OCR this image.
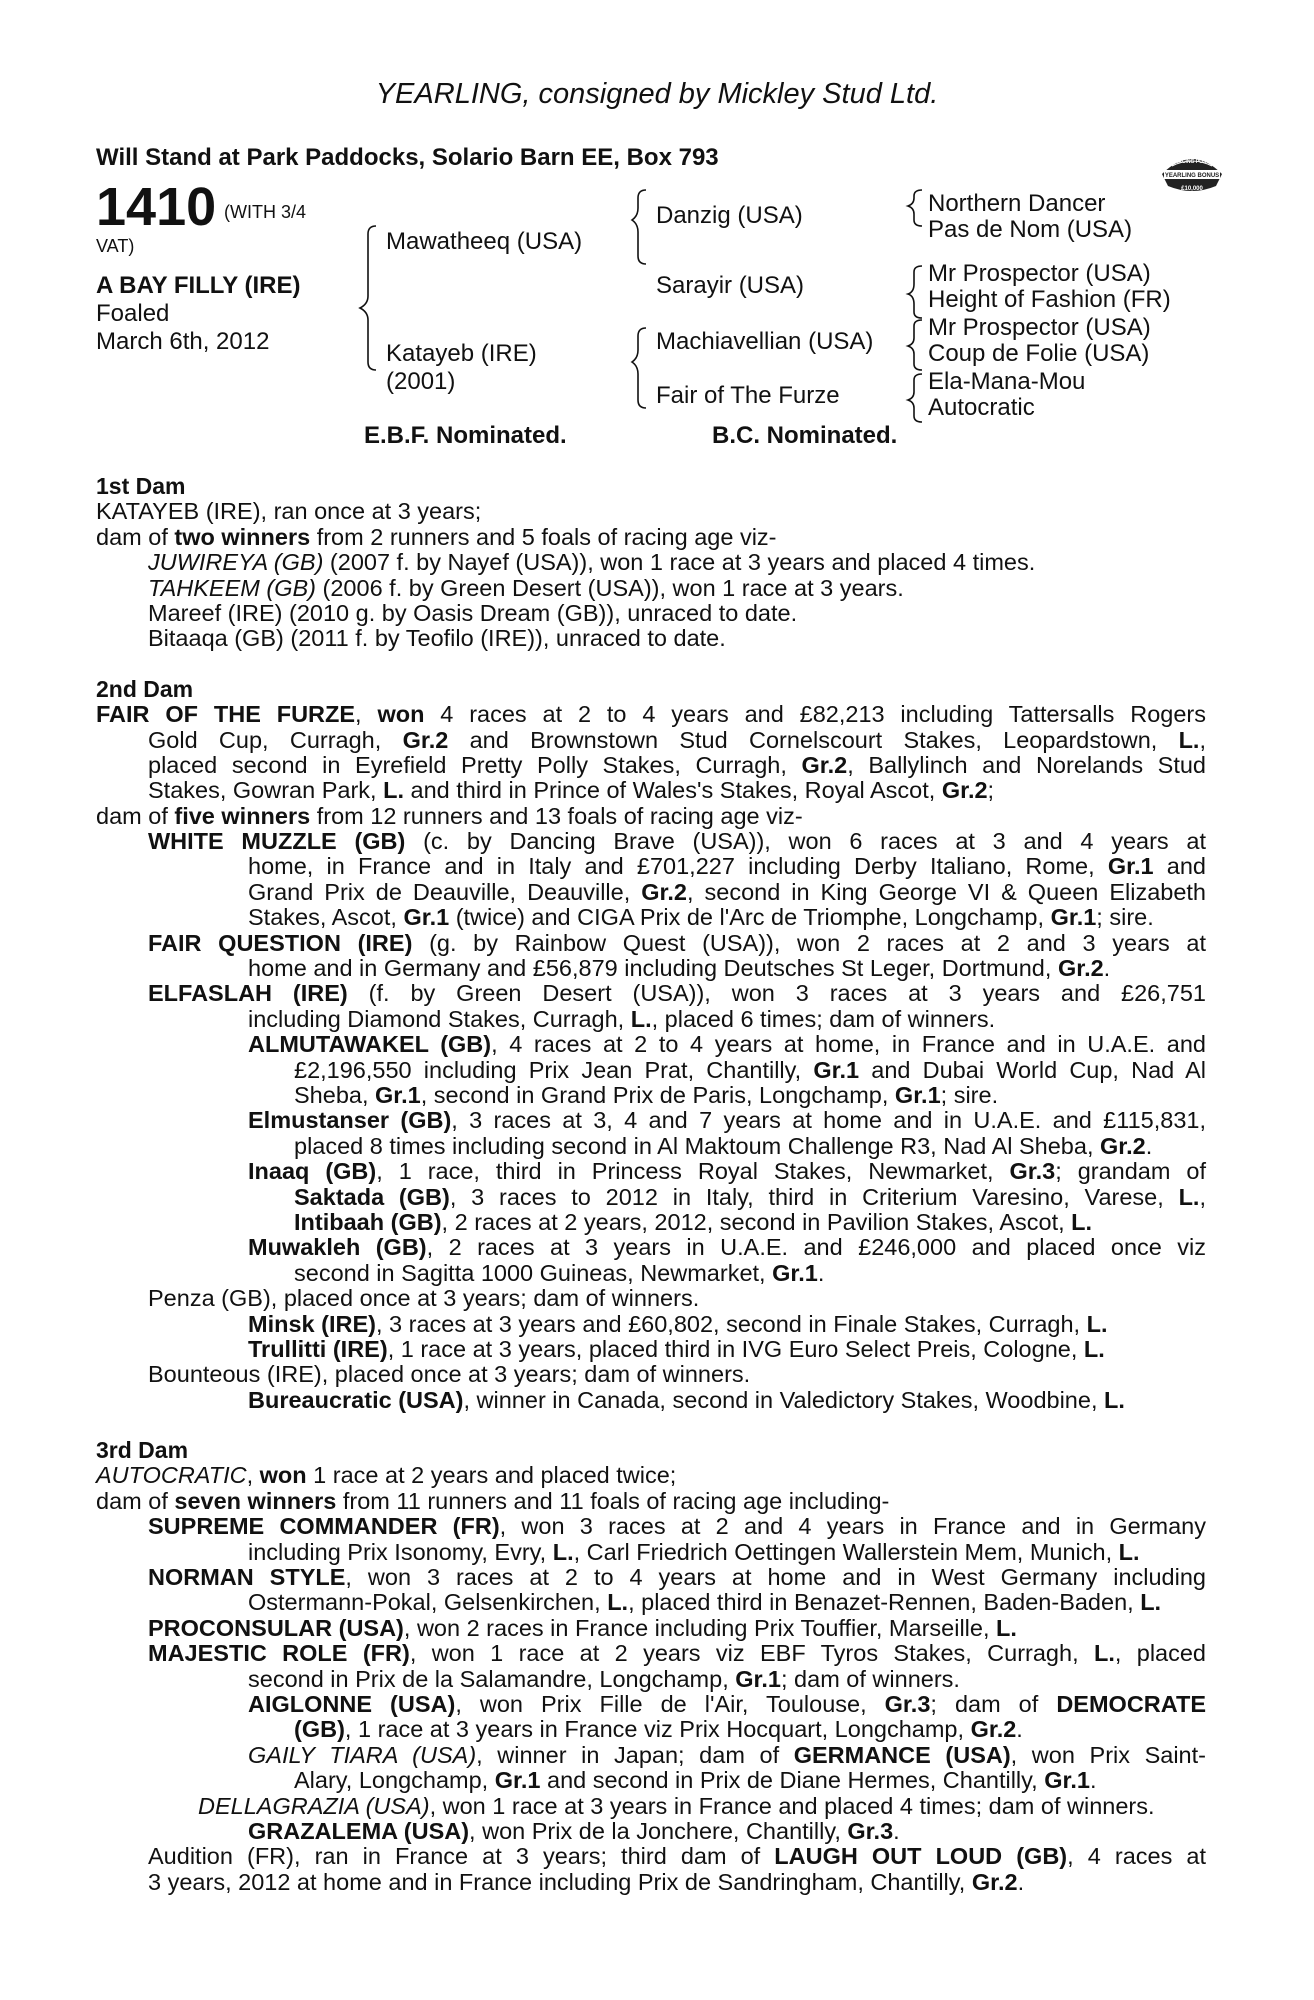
YEARLING, consigned by Mickley Stud Ltd.
Will Stand at Park Paddocks, Solario Barn EE, Box 793	RACING POST
YEARLING BONUS
£10,000
1410 (WITH 3/4
VAT)
A BAY FILLY (IRE)
Foaled
March 6th, 2012
Mawatheeq (USA)
Katayeb (IRE)
(2001)
Danzig (USA)
Sarayir (USA)
Machiavellian (USA)
Fair of The Furze
Northern Dancer
Pas de Nom (USA)
Mr Prospector (USA)
Height of Fashion (FR)
Mr Prospector (USA)
Coup de Folie (USA)
Ela-Mana-Mou
Autocratic
E.B.F. Nominated.	B.C. Nominated.
1st Dam
KATAYEB (IRE), ran once at 3 years;
dam of two winners from 2 runners and 5 foals of racing age viz-
JUWIREYA (GB) (2007 f. by Nayef (USA)), won 1 race at 3 years and placed 4 times.
TAHKEEM (GB) (2006 f. by Green Desert (USA)), won 1 race at 3 years.
Mareef (IRE) (2010 g. by Oasis Dream (GB)), unraced to date.
Bitaaqa (GB) (2011 f. by Teofilo (IRE)), unraced to date.
2nd Dam
FAIR OF THE FURZE, won 4 races at 2 to 4 years and £82,213 including Tattersalls Rogers
Gold Cup, Curragh, Gr.2 and Brownstown Stud Cornelscourt Stakes, Leopardstown, L.,
placed second in Eyrefield Pretty Polly Stakes, Curragh, Gr.2, Ballylinch and Norelands Stud
Stakes, Gowran Park, L. and third in Prince of Wales's Stakes, Royal Ascot, Gr.2;
dam of five winners from 12 runners and 13 foals of racing age viz-
WHITE MUZZLE (GB) (c. by Dancing Brave (USA)), won 6 races at 3 and 4 years at
home, in France and in Italy and £701,227 including Derby Italiano, Rome, Gr.1 and
Grand Prix de Deauville, Deauville, Gr.2, second in King George VI & Queen Elizabeth
Stakes, Ascot, Gr.1 (twice) and CIGA Prix de l'Arc de Triomphe, Longchamp, Gr.1; sire.
FAIR QUESTION (IRE) (g. by Rainbow Quest (USA)), won 2 races at 2 and 3 years at
home and in Germany and £56,879 including Deutsches St Leger, Dortmund, Gr.2.
ELFASLAH (IRE) (f. by Green Desert (USA)), won 3 races at 3 years and £26,751
including Diamond Stakes, Curragh, L., placed 6 times; dam of winners.
ALMUTAWAKEL (GB), 4 races at 2 to 4 years at home, in France and in U.A.E. and
£2,196,550 including Prix Jean Prat, Chantilly, Gr.1 and Dubai World Cup, Nad Al
Sheba, Gr.1, second in Grand Prix de Paris, Longchamp, Gr.1; sire.
Elmustanser (GB), 3 races at 3, 4 and 7 years at home and in U.A.E. and £115,831,
placed 8 times including second in Al Maktoum Challenge R3, Nad Al Sheba, Gr.2.
Inaaq (GB), 1 race, third in Princess Royal Stakes, Newmarket, Gr.3; grandam of
Saktada (GB), 3 races to 2012 in Italy, third in Criterium Varesino, Varese, L.,
Intibaah (GB), 2 races at 2 years, 2012, second in Pavilion Stakes, Ascot, L.
Muwakleh (GB), 2 races at 3 years in U.A.E. and £246,000 and placed once viz
second in Sagitta 1000 Guineas, Newmarket, Gr.1.
Penza (GB), placed once at 3 years; dam of winners.
Minsk (IRE), 3 races at 3 years and £60,802, second in Finale Stakes, Curragh, L.
Trullitti (IRE), 1 race at 3 years, placed third in IVG Euro Select Preis, Cologne, L.
Bounteous (IRE), placed once at 3 years; dam of winners.
Bureaucratic (USA), winner in Canada, second in Valedictory Stakes, Woodbine, L.
3rd Dam
AUTOCRATIC, won 1 race at 2 years and placed twice;
dam of seven winners from 11 runners and 11 foals of racing age including-
SUPREME COMMANDER (FR), won 3 races at 2 and 4 years in France and in Germany
including Prix Isonomy, Evry, L., Carl Friedrich Oettingen Wallerstein Mem, Munich, L.
NORMAN STYLE, won 3 races at 2 to 4 years at home and in West Germany including
Ostermann-Pokal, Gelsenkirchen, L., placed third in Benazet-Rennen, Baden-Baden, L.
PROCONSULAR (USA), won 2 races in France including Prix Touffier, Marseille, L.
MAJESTIC ROLE (FR), won 1 race at 2 years viz EBF Tyros Stakes, Curragh, L., placed
second in Prix de la Salamandre, Longchamp, Gr.1; dam of winners.
AIGLONNE (USA), won Prix Fille de l'Air, Toulouse, Gr.3; dam of DEMOCRATE
(GB), 1 race at 3 years in France viz Prix Hocquart, Longchamp, Gr.2.
GAILY TIARA (USA), winner in Japan; dam of GERMANCE (USA), won Prix Saint-
Alary, Longchamp, Gr.1 and second in Prix de Diane Hermes, Chantilly, Gr.1.
DELLAGRAZIA (USA), won 1 race at 3 years in France and placed 4 times; dam of winners.
GRAZALEMA (USA), won Prix de la Jonchere, Chantilly, Gr.3.
Audition (FR), ran in France at 3 years; third dam of LAUGH OUT LOUD (GB), 4 races at
3 years, 2012 at home and in France including Prix de Sandringham, Chantilly, Gr.2.
